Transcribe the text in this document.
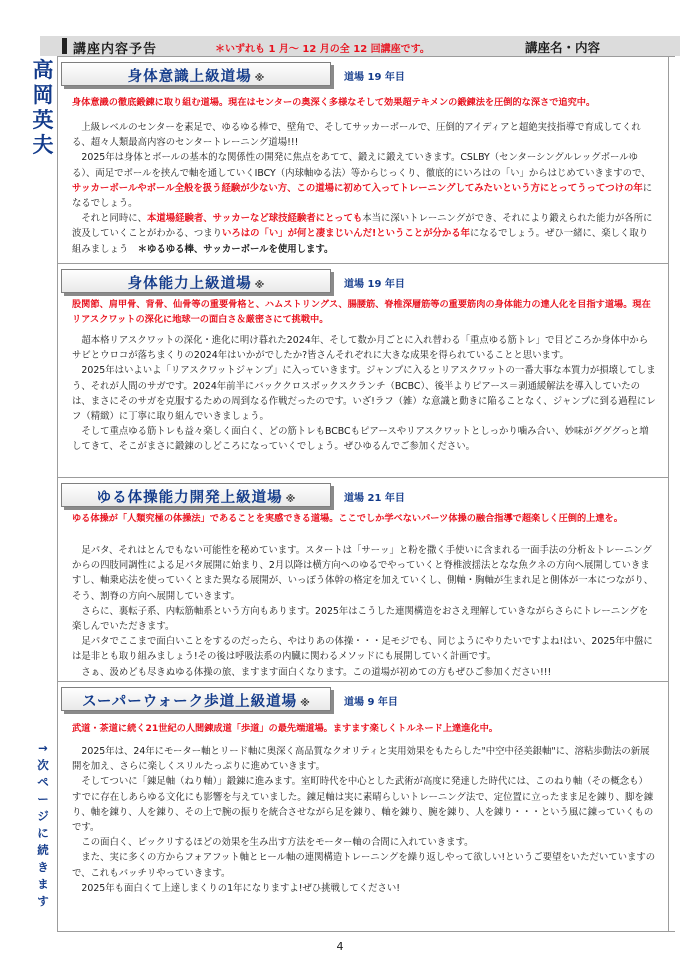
講座内容予告	＊いずれも 1 月～ 12 月の全 12 回講座です。	講座名・内容
高
岡
英
夫
→
次
ペ
ー
ジ
に
続
き
ま
す
身体意識上級道場 ※	道場 19 年目
身体意識の徹底鍛錬に取り組む道場。現在はセンターの奥深く多様なそして効果超テキメンの鍛錬法を圧倒的な深さで追究中。

上級レベルのセンターを素足で、ゆるゆる棒で、壁角で、そしてサッカーボールで、圧倒的アイディアと超絶実技指導で育成してくれる、超々人類最高内容のセンタートレーニング道場!!!

2025年は身体とボールの基本的な関係性の開発に焦点をあてて、鍛えに鍛えていきます。CSLBY（センターシングルレッグボールゆる）、両足でボールを挟んで軸を通していくIBCY（内球軸ゆる法）等からじっくり、徹底的にいろはの「い」からはじめていきますので、サッカーボールやボール全般を扱う経験が少ない方、この道場に初めて入ってトレーニングしてみたいという方にとってうってつけの年になるでしょう。

それと同時に、本道場経験者、サッカーなど球技経験者にとっても本当に深いトレーニングができ、それにより鍛えられた能力が各所に波及していくことがわかる、つまりいろはの「い」が何と凄まじいんだ!ということが分かる年になるでしょう。ぜひ一緒に、楽しく取り組みましょう　＊ゆるゆる棒、サッカーボールを使用します。

身体能力上級道場 ※	道場 19 年目
股関節、肩甲骨、背骨、仙骨等の重要骨格と、ハムストリングス、腸腰筋、脊椎深層筋等の重要筋肉の身体能力の達人化を目指す道場。現在リアスクワットの深化に地球一の面白さ＆厳密さにて挑戦中。

超本格リアスクワットの深化・進化に明け暮れた2024年、そして数か月ごとに入れ替わる「重点ゆる筋トレ」で目どころか身体中からサビとウロコが落ちまくりの2024年はいかがでしたか?皆さんそれぞれに大きな成果を得られていることと思います。

2025年はいよいよ「リアスクワットジャンプ」に入っていきます。ジャンプに入るとリアスクワットの一番大事な本質力が損壊してしまう、それが人間のサガです。2024年前半にバッククロスボックスクランチ（BCBC）、後半よりピアース＝剥通緩解法を導入していたのは、まさにそのサガを克服するための周到なる作戦だったのです。いざ!ラフ（雑）な意識と動きに陥ることなく、ジャンプに到る過程にレフ（精緻）に丁寧に取り組んでいきましょう。

そして重点ゆる筋トレも益々楽しく面白く、どの筋トレもBCBCもピアースやリアスクワットとしっかり噛み合い、妙味がグググっと増してきて、そこがまさに鍛錬のしどころになっていくでしょう。ぜひゆるんでご参加ください。

ゆる体操能力開発上級道場 ※	道場 21 年目
ゆる体操が「人類究極の体操法」であることを実感できる道場。ここでしか学べないパーツ体操の融合指導で超楽しく圧倒的上達を。

足パタ、それはとんでもない可能性を秘めています。スタートは「サーッ」と粉を撒く手使いに含まれる一面手法の分析＆トレーニングからの四肢同調性による足パタ展開に始まり、2月以降は横方向へのゆるでやっていくと脊椎波揺法となな魚クネの方向へ展開していきますし、軸乗応法を使っていくとまた異なる展開が、いっぽう体幹の格定を加えていくし、側軸・胸軸が生まれ足と側体が一本につながり、そう、割脊の方向へ展開していきます。

さらに、裏転子系、内転筋軸系という方向もあります。2025年はこうした連関構造をおさえ理解していきながらさらにトレーニングを楽しんでいただきます。

足パタでここまで面白いことをするのだったら、やはりあの体操・・・足モジでも、同じようにやりたいですよね!はい、2025年中盤には是非とも取り組みましょう!その後は呼吸法系の内臓に関わるメソッドにも展開していく計画です。

さぁ、汲めども尽きぬゆる体操の旅、ますます面白くなります。この道場が初めての方もぜひご参加ください!!!

スーパーウォーク歩道上級道場 ※	道場 9 年目
武道・茶道に続く21世紀の人間錬成道「歩道」の最先端道場。ますます楽しくトルネード上達進化中。

2025年は、24年にモーター軸とリード軸に奥深く高品質なクオリティと実用効果をもたらした"中空中径美銀軸"に、溶粘歩動法の新展開を加え、さらに楽しくスリルたっぷりに進めていきます。

そしてついに「錬足軸（ねり軸）」鍛錬に進みます。室町時代を中心とした武術が高度に発達した時代には、このねり軸（その概念も）すでに存在しあらゆる文化にも影響を与えていました。錬足軸は実に素晴らしいトレーニング法で、定位置に立ったまま足を錬り、脚を錬り、軸を錬り、人を錬り、その上で腕の振りを統合させながら足を錬り、軸を錬り、腕を錬り、人を錬り・・・という風に錬っていくものです。

この面白く、ビックリするほどの効果を生み出す方法をモーター軸の合間に入れていきます。

また、実に多くの方からフォアフット軸とヒール軸の連関構造トレーニングを繰り返しやって欲しい!というご要望をいただいていますので、これもバッチリやっていきます。

2025年も面白くて上達しまくりの1年になりますよ!ぜひ挑戦してください!

4
